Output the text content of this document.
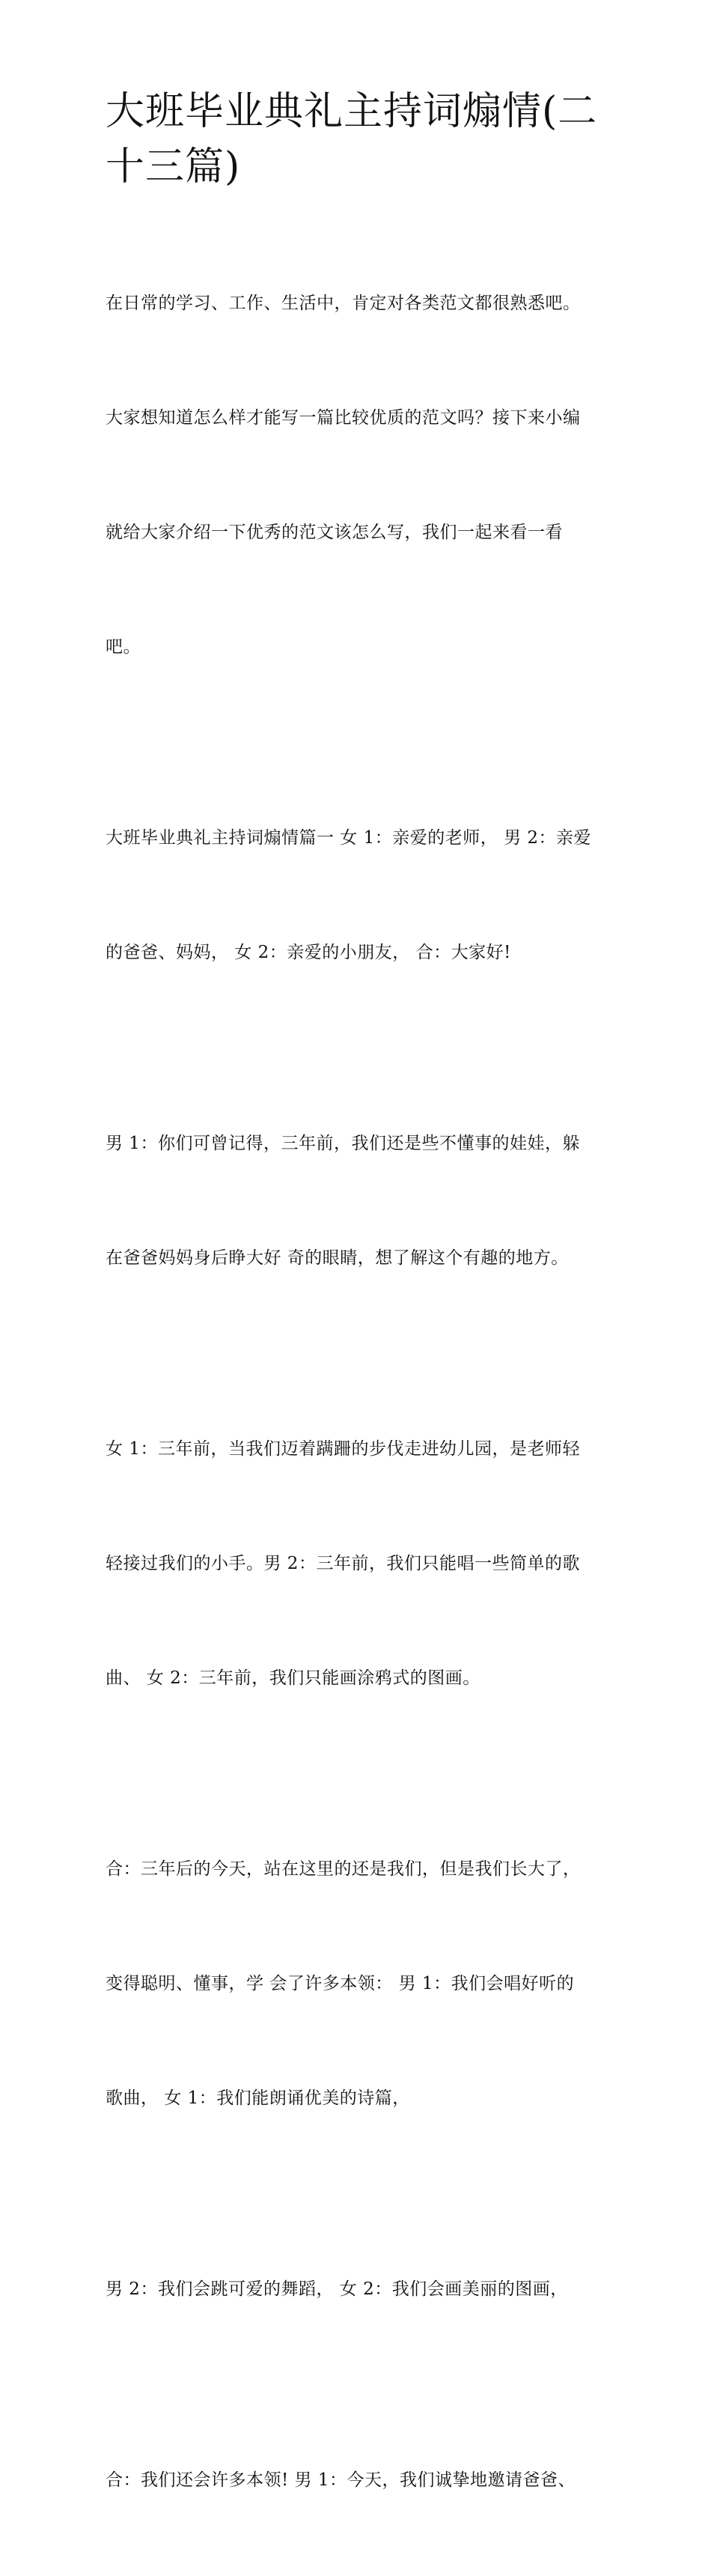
大班毕业典礼主持词煽情(二十三篇)

在日常的学习、工作、生活中，肯定对各类范文都很熟悉吧。

大家想知道怎么样才能写一篇比较优质的范文吗？接下来小编

就给大家介绍一下优秀的范文该怎么写，我们一起来看一看

吧。

大班毕业典礼主持词煽情篇一 女 1：亲爱的老师， 男 2：亲爱

的爸爸、妈妈， 女 2：亲爱的小朋友， 合：大家好!

男 1：你们可曾记得，三年前，我们还是些不懂事的娃娃，躲

在爸爸妈妈身后睁大好 奇的眼睛，想了解这个有趣的地方。

女 1：三年前，当我们迈着蹒跚的步伐走进幼儿园，是老师轻

轻接过我们的小手。男 2：三年前，我们只能唱一些简单的歌

曲、 女 2：三年前，我们只能画涂鸦式的图画。

合：三年后的今天，站在这里的还是我们，但是我们长大了，

变得聪明、懂事，学 会了许多本领： 男 1：我们会唱好听的

歌曲， 女 1：我们能朗诵优美的诗篇，

男 2：我们会跳可爱的舞蹈， 女 2：我们会画美丽的图画，

合：我们还会许多本领! 男 1：今天，我们诚挚地邀请爸爸、
